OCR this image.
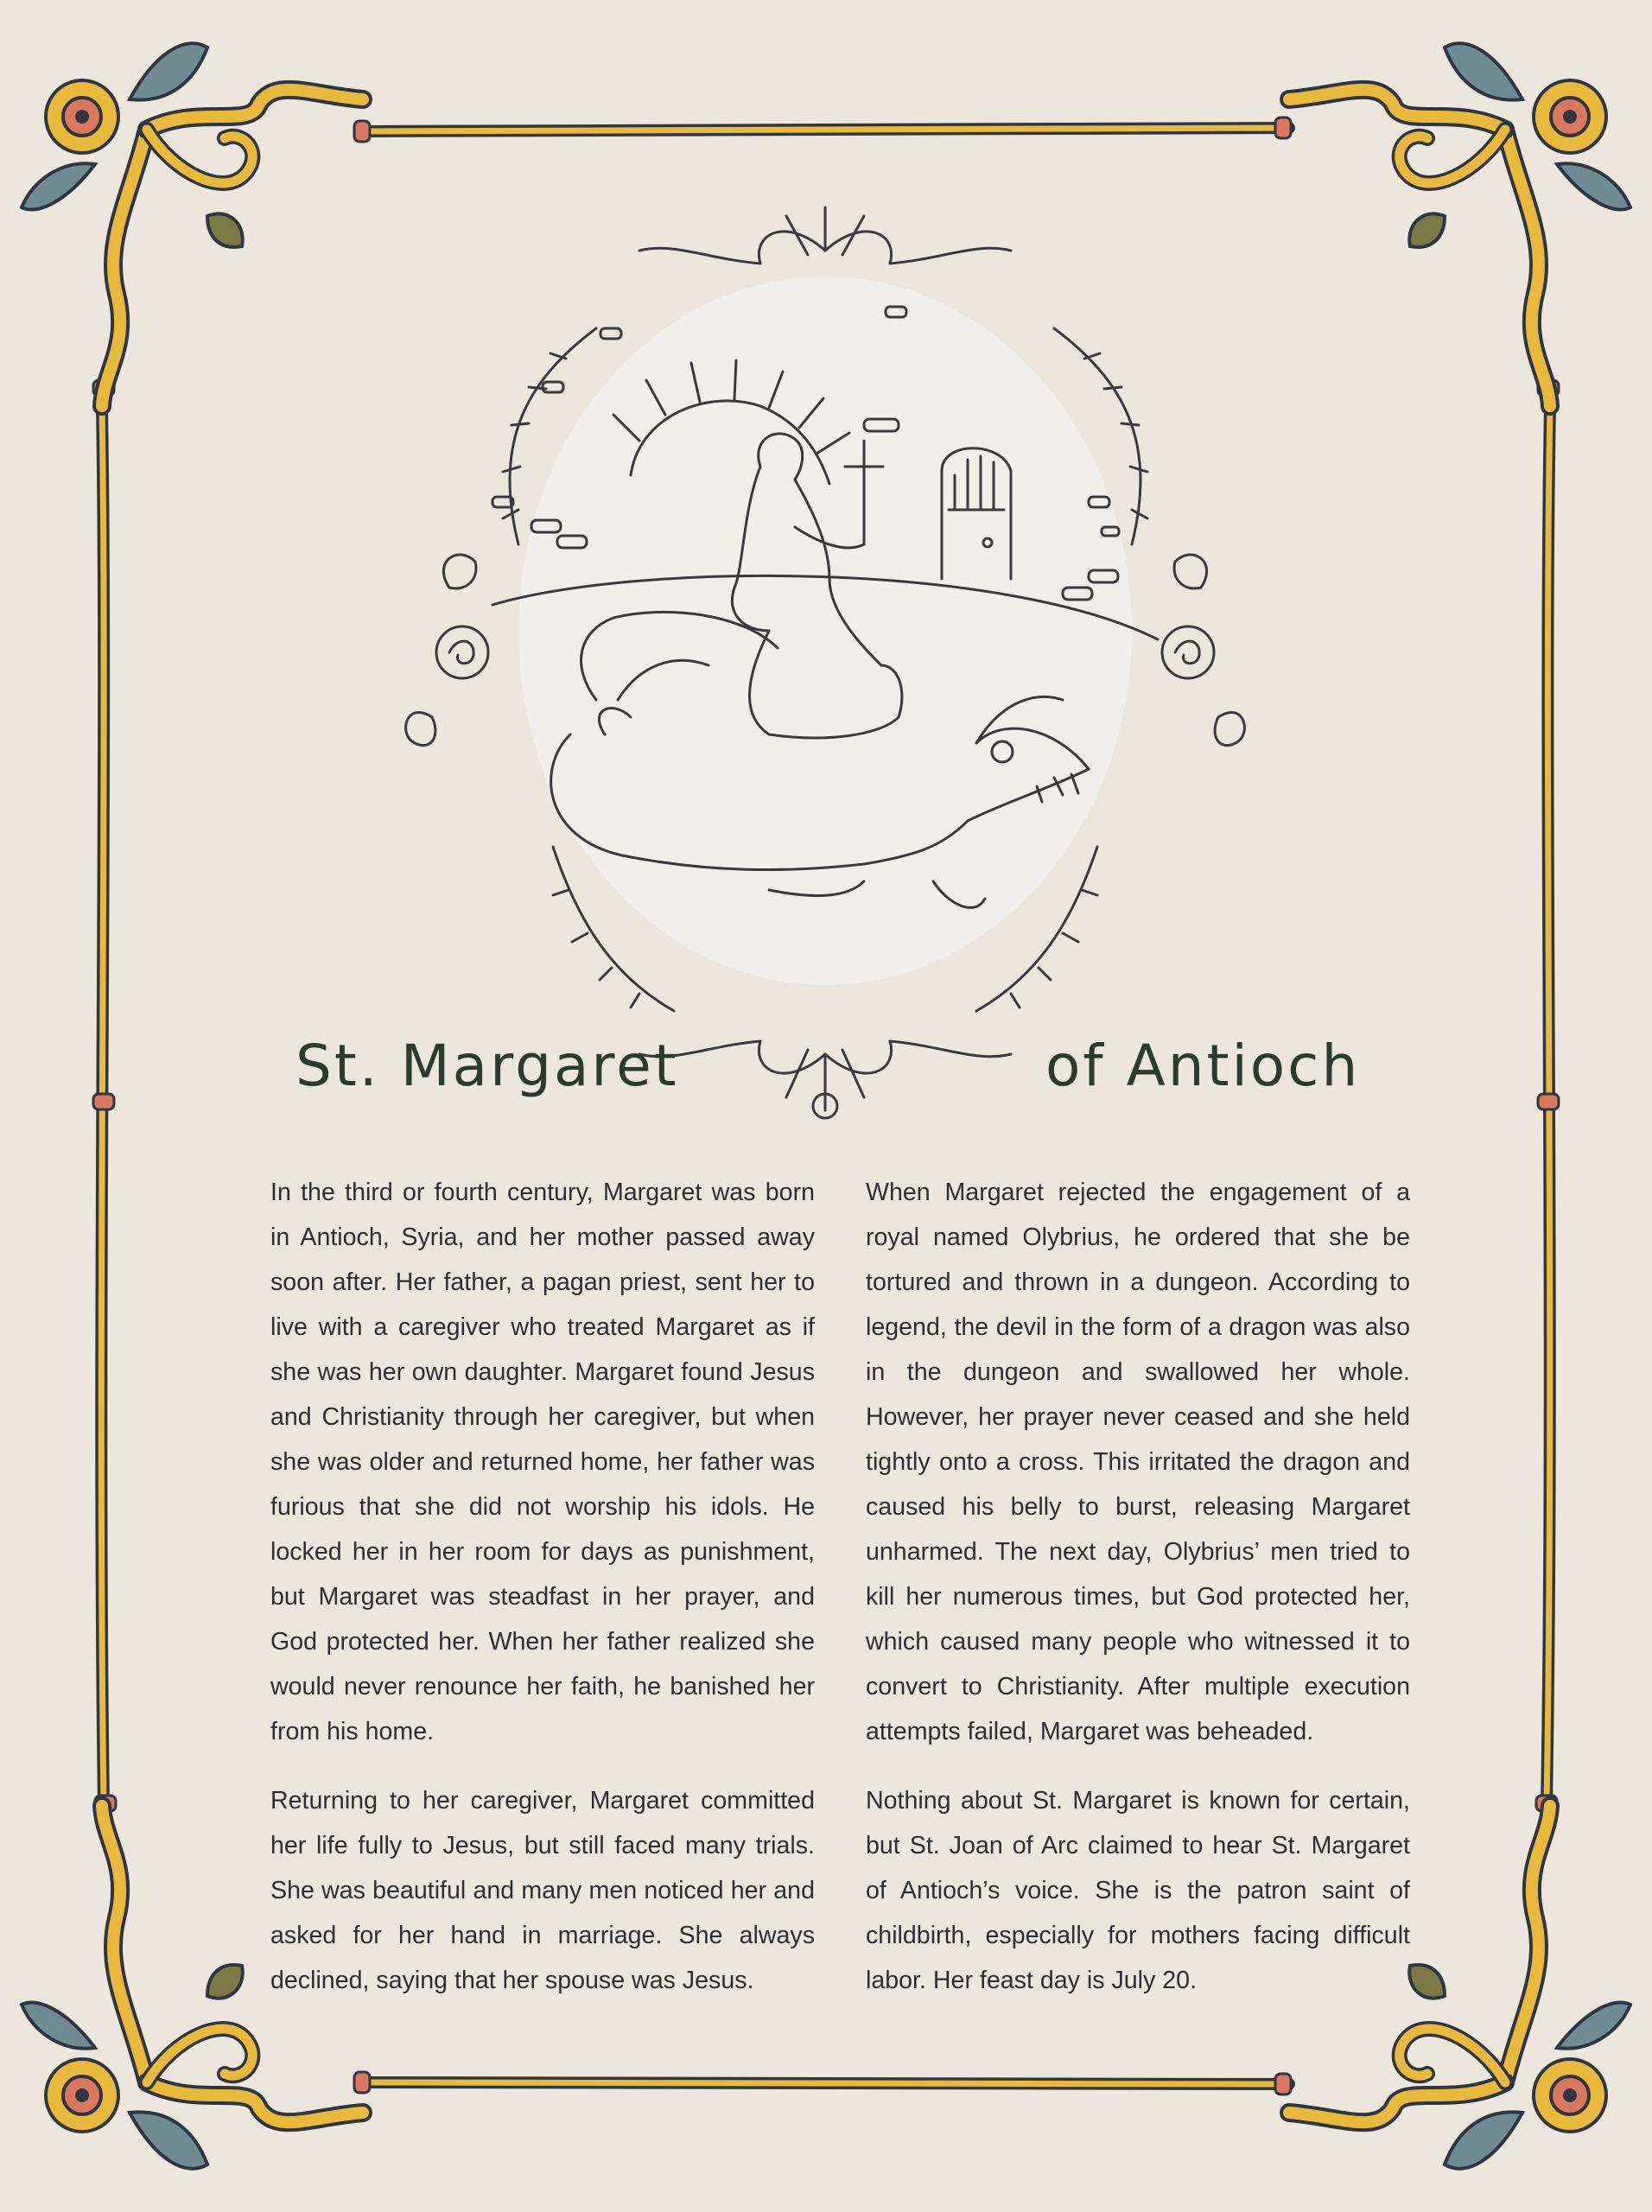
St. Margaret	of Antioch

In the third or fourth century, Margaret was born in Antioch, Syria, and her mother passed away soon after. Her father, a pagan priest, sent her to live with a caregiver who treated Margaret as if she was her own daughter. Margaret found Jesus and Christianity through her caregiver, but when she was older and returned home, her father was furious that she did not worship his idols. He locked her in her room for days as punishment, but Margaret was steadfast in her prayer, and God protected her. When her father realized she would never renounce her faith, he banished her from his home.

Returning to her caregiver, Margaret committed her life fully to Jesus, but still faced many trials. She was beautiful and many men noticed her and asked for her hand in marriage. She always declined, saying that her spouse was Jesus.

When Margaret rejected the engagement of a royal named Olybrius, he ordered that she be tortured and thrown in a dungeon. According to legend, the devil in the form of a dragon was also in the dungeon and swallowed her whole. However, her prayer never ceased and she held tightly onto a cross. This irritated the dragon and caused his belly to burst, releasing Margaret unharmed. The next day, Olybrius’ men tried to kill her numerous times, but God protected her, which caused many people who witnessed it to convert to Christianity. After multiple execution attempts failed, Margaret was beheaded.

Nothing about St. Margaret is known for certain, but St. Joan of Arc claimed to hear St. Margaret of Antioch’s voice. She is the patron saint of childbirth, especially for mothers facing difficult labor. Her feast day is July 20.
